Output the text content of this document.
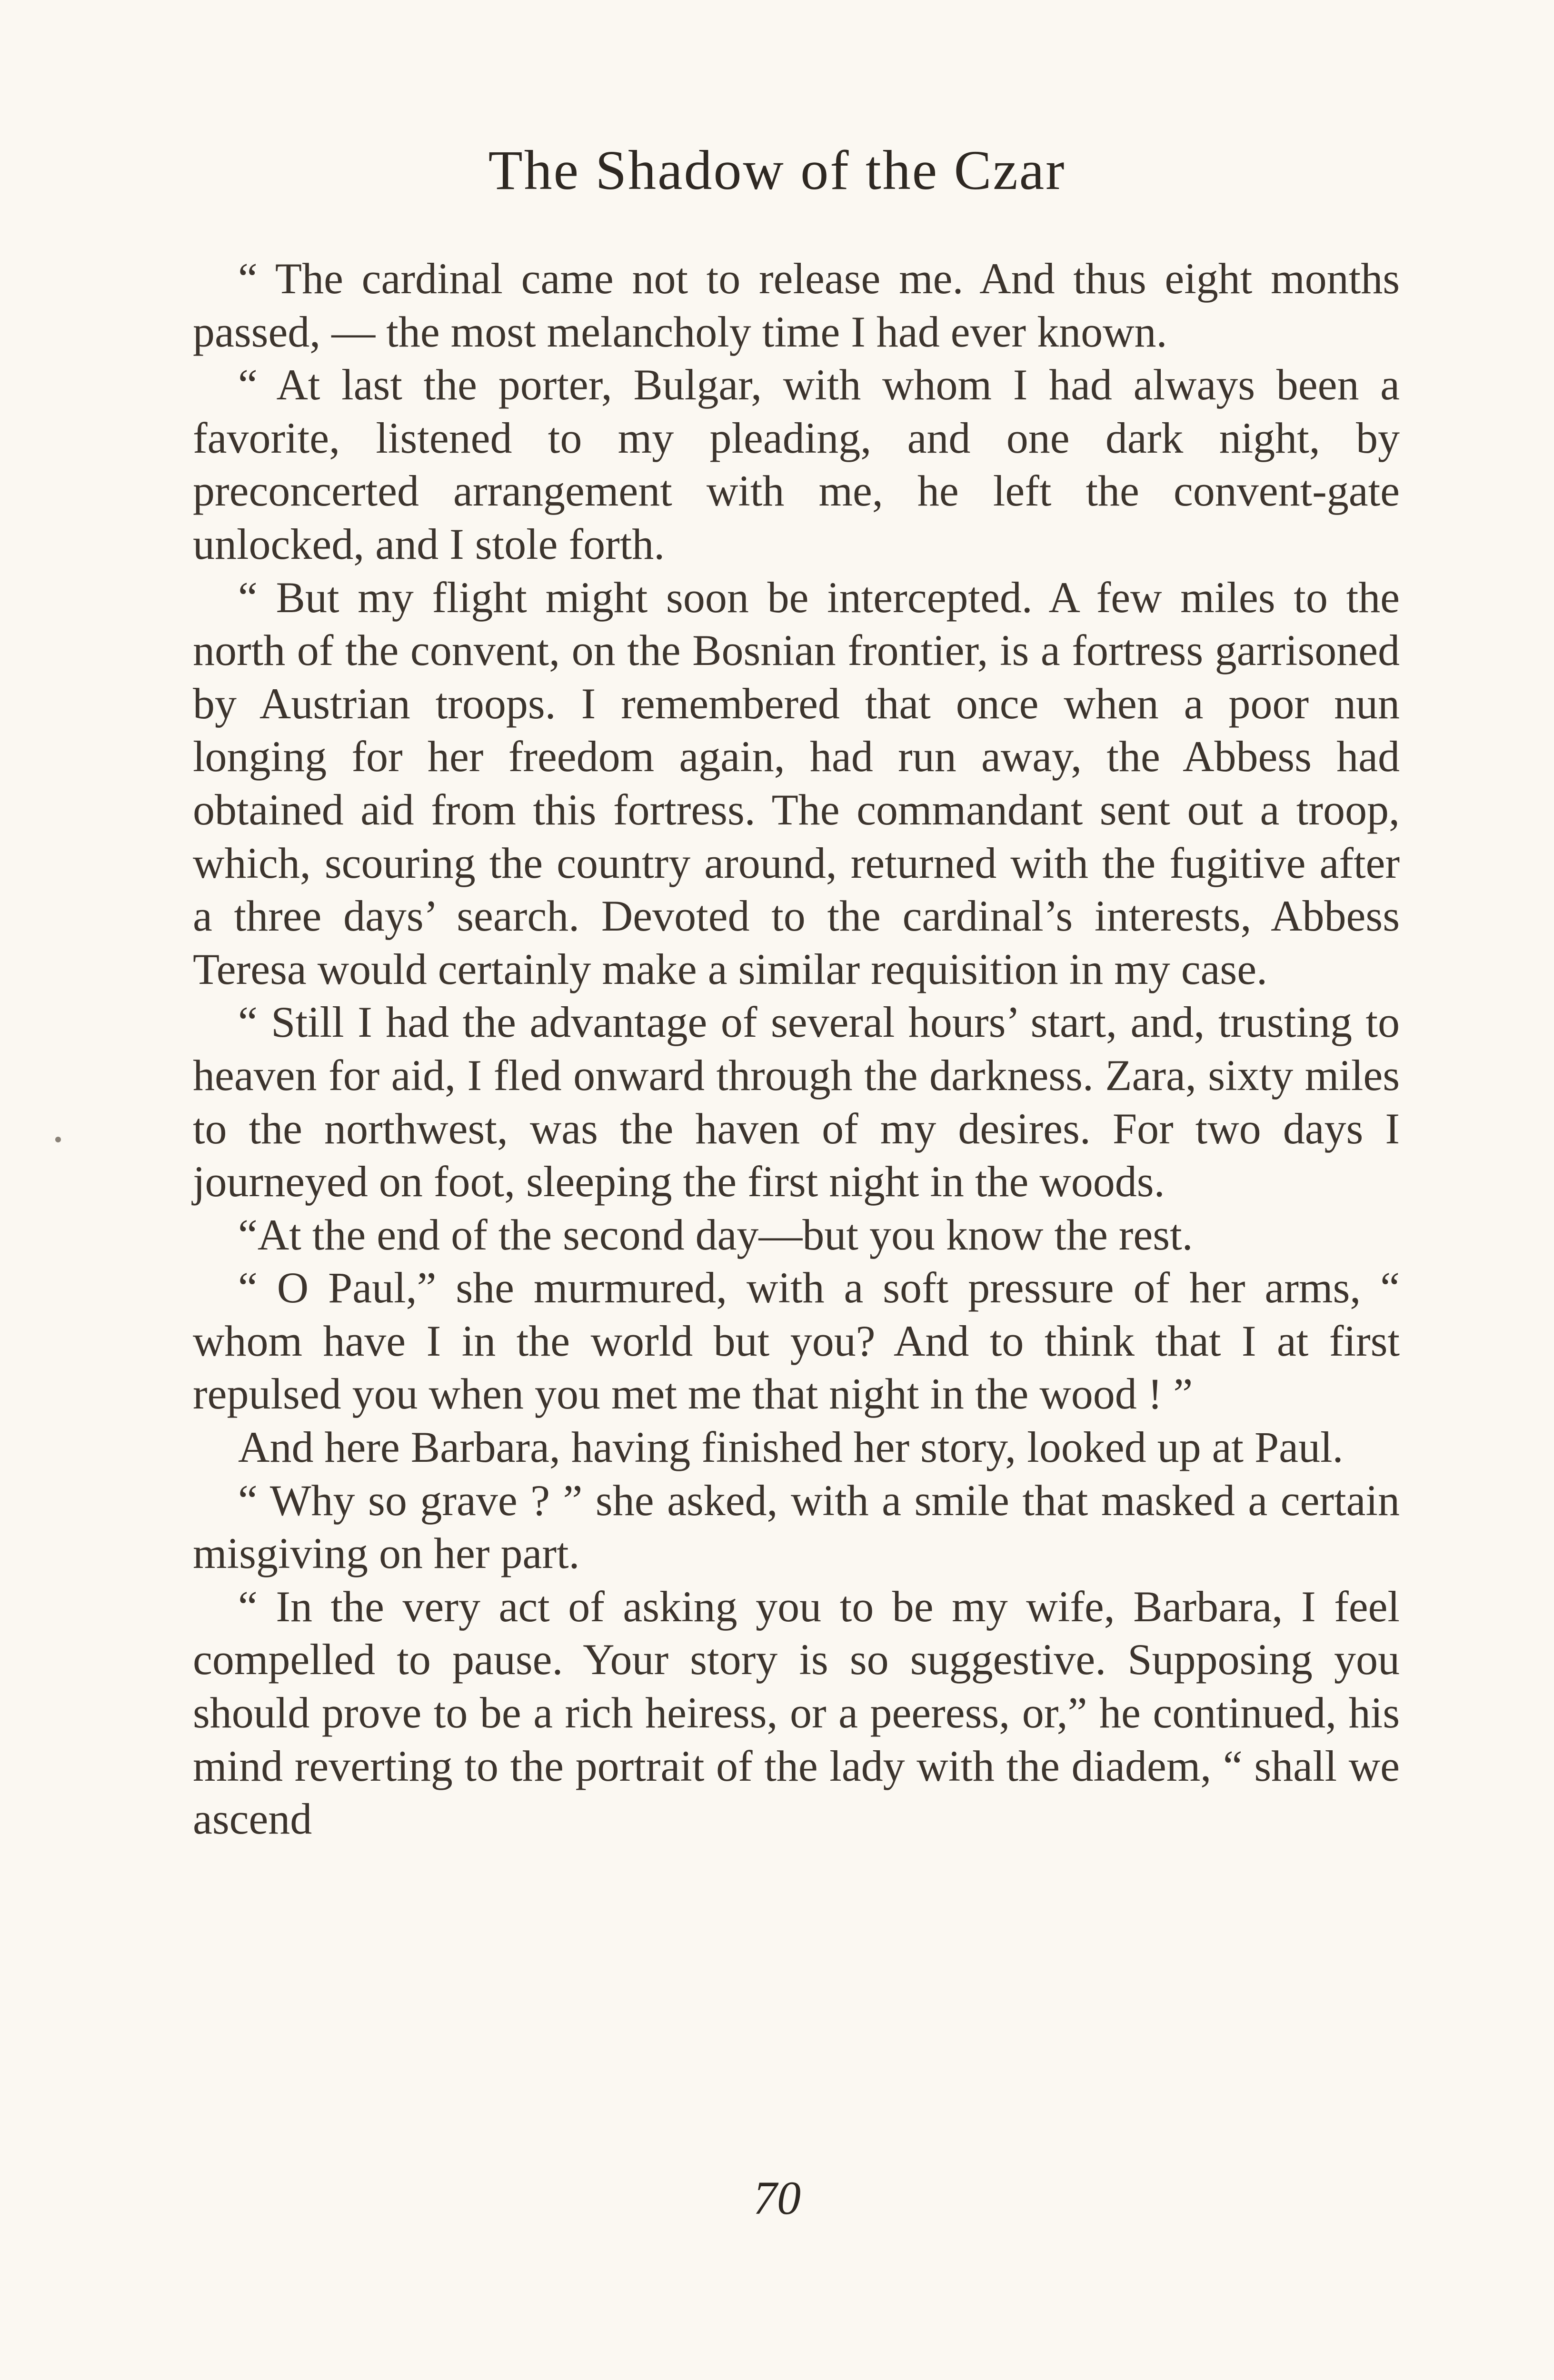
The Shadow of the Czar

“ The cardinal came not to release me. And thus eight months passed, — the most melancholy time I had ever known.

“ At last the porter, Bulgar, with whom I had always been a favorite, listened to my pleading, and one dark night, by preconcerted arrangement with me, he left the convent-gate unlocked, and I stole forth.

“ But my flight might soon be intercepted. A few miles to the north of the convent, on the Bosnian frontier, is a fortress garrisoned by Austrian troops. I remembered that once when a poor nun longing for her freedom again, had run away, the Abbess had obtained aid from this fortress. The commandant sent out a troop, which, scouring the country around, returned with the fugitive after a three days’ search. Devoted to the cardinal’s interests, Abbess Teresa would certainly make a similar requisition in my case.

“ Still I had the advantage of several hours’ start, and, trusting to heaven for aid, I fled onward through the darkness. Zara, sixty miles to the northwest, was the haven of my desires. For two days I journeyed on foot, sleeping the first night in the woods.

“At the end of the second day—but you know the rest.

“ O Paul,” she murmured, with a soft pressure of her arms, “ whom have I in the world but you? And to think that I at first repulsed you when you met me that night in the wood ! ”

And here Barbara, having finished her story, looked up at Paul.

“ Why so grave ? ” she asked, with a smile that masked a certain misgiving on her part.

“ In the very act of asking you to be my wife, Barbara, I feel compelled to pause. Your story is so suggestive. Supposing you should prove to be a rich heiress, or a peeress, or,” he continued, his mind reverting to the portrait of the lady with the diadem, “ shall we ascend

70
